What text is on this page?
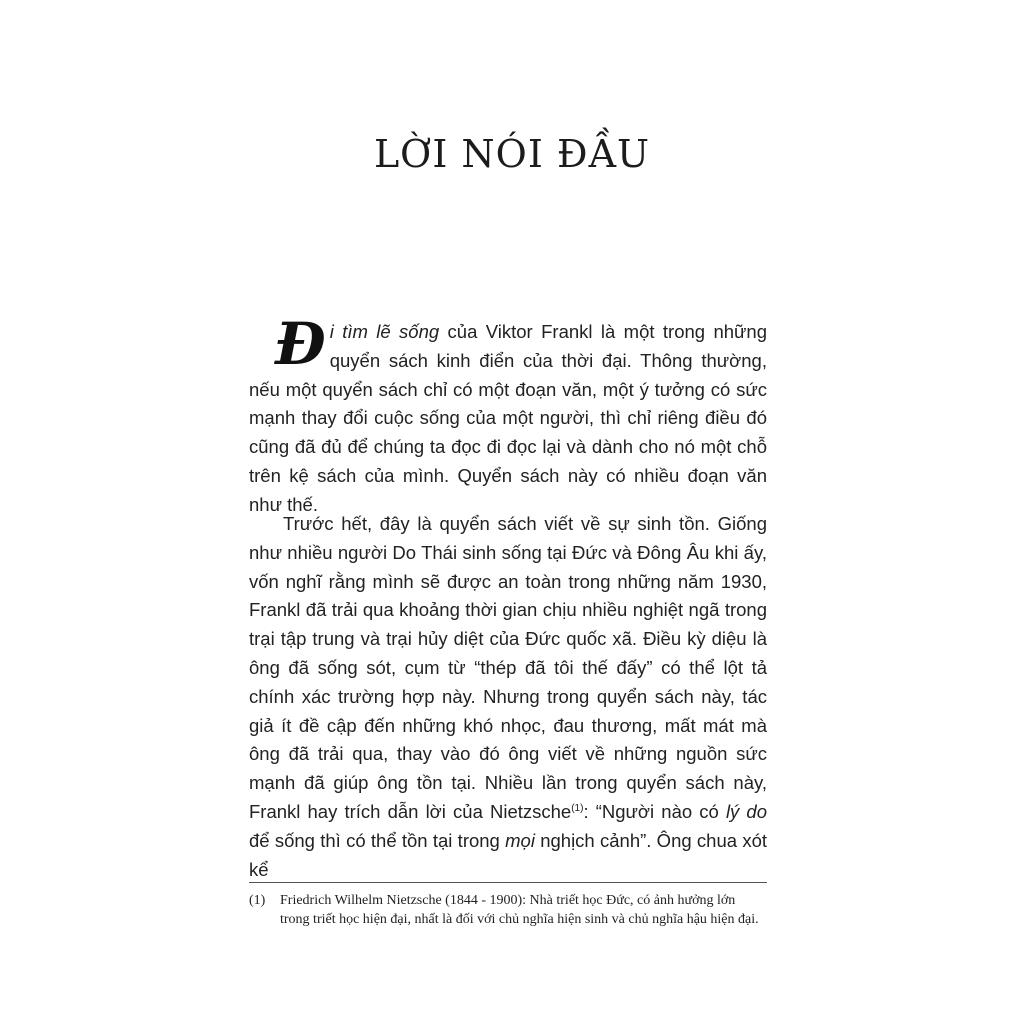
LỜI NÓI ĐẦU

Đi tìm lẽ sống của Viktor Frankl là một trong những quyển sách kinh điển của thời đại. Thông thường, nếu một quyển sách chỉ có một đoạn văn, một ý tưởng có sức mạnh thay đổi cuộc sống của một người, thì chỉ riêng điều đó cũng đã đủ để chúng ta đọc đi đọc lại và dành cho nó một chỗ trên kệ sách của mình. Quyển sách này có nhiều đoạn văn như thế.

Trước hết, đây là quyển sách viết về sự sinh tồn. Giống như nhiều người Do Thái sinh sống tại Đức và Đông Âu khi ấy, vốn nghĩ rằng mình sẽ được an toàn trong những năm 1930, Frankl đã trải qua khoảng thời gian chịu nhiều nghiệt ngã trong trại tập trung và trại hủy diệt của Đức quốc xã. Điều kỳ diệu là ông đã sống sót, cụm từ “thép đã tôi thế đấy” có thể lột tả chính xác trường hợp này. Nhưng trong quyển sách này, tác giả ít đề cập đến những khó nhọc, đau thương, mất mát mà ông đã trải qua, thay vào đó ông viết về những nguồn sức mạnh đã giúp ông tồn tại. Nhiều lần trong quyển sách này, Frankl hay trích dẫn lời của Nietzsche$^{(1)}$: “Người nào có lý do để sống thì có thể tồn tại trong mọi nghịch cảnh”. Ông chua xót kể

(1) Friedrich Wilhelm Nietzsche (1844 - 1900): Nhà triết học Đức, có ảnh hưởng lớn trong triết học hiện đại, nhất là đối với chủ nghĩa hiện sinh và chủ nghĩa hậu hiện đại.
